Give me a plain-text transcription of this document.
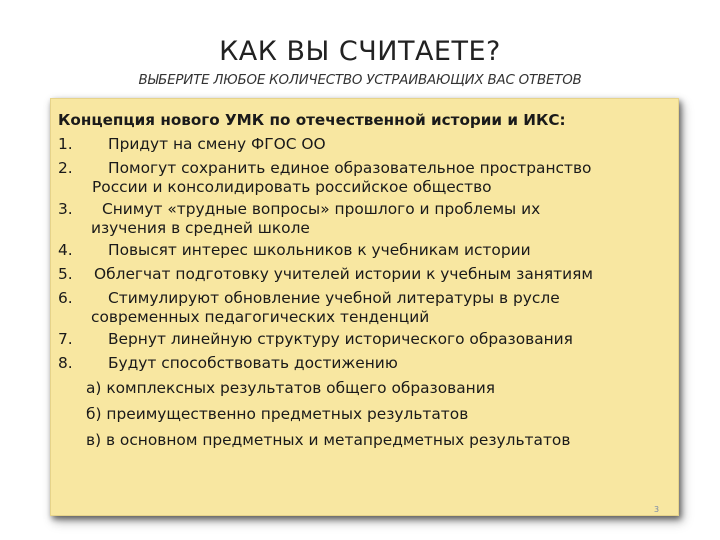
КАК ВЫ СЧИТАЕТЕ?
ВЫБЕРИТЕ ЛЮБОЕ КОЛИЧЕСТВО УСТРАИВАЮЩИХ ВАС ОТВЕТОВ
Концепция нового УМК по отечественной истории и ИКС:
1. Придут на смену ФГОС ОО
2. Помогут сохранить единое образовательное пространство
России и консолидировать российское общество
3. Снимут «трудные вопросы» прошлого и проблемы их
изучения в средней школе
4. Повысят интерес школьников к учебникам истории
5. Облегчат подготовку учителей истории к учебным занятиям
6. Стимулируют обновление учебной литературы в русле
современных педагогических тенденций
7. Вернут линейную структуру исторического образования
8. Будут способствовать достижению
а) комплексных результатов общего образования
б) преимущественно предметных результатов
в) в основном предметных и метапредметных результатов
3
